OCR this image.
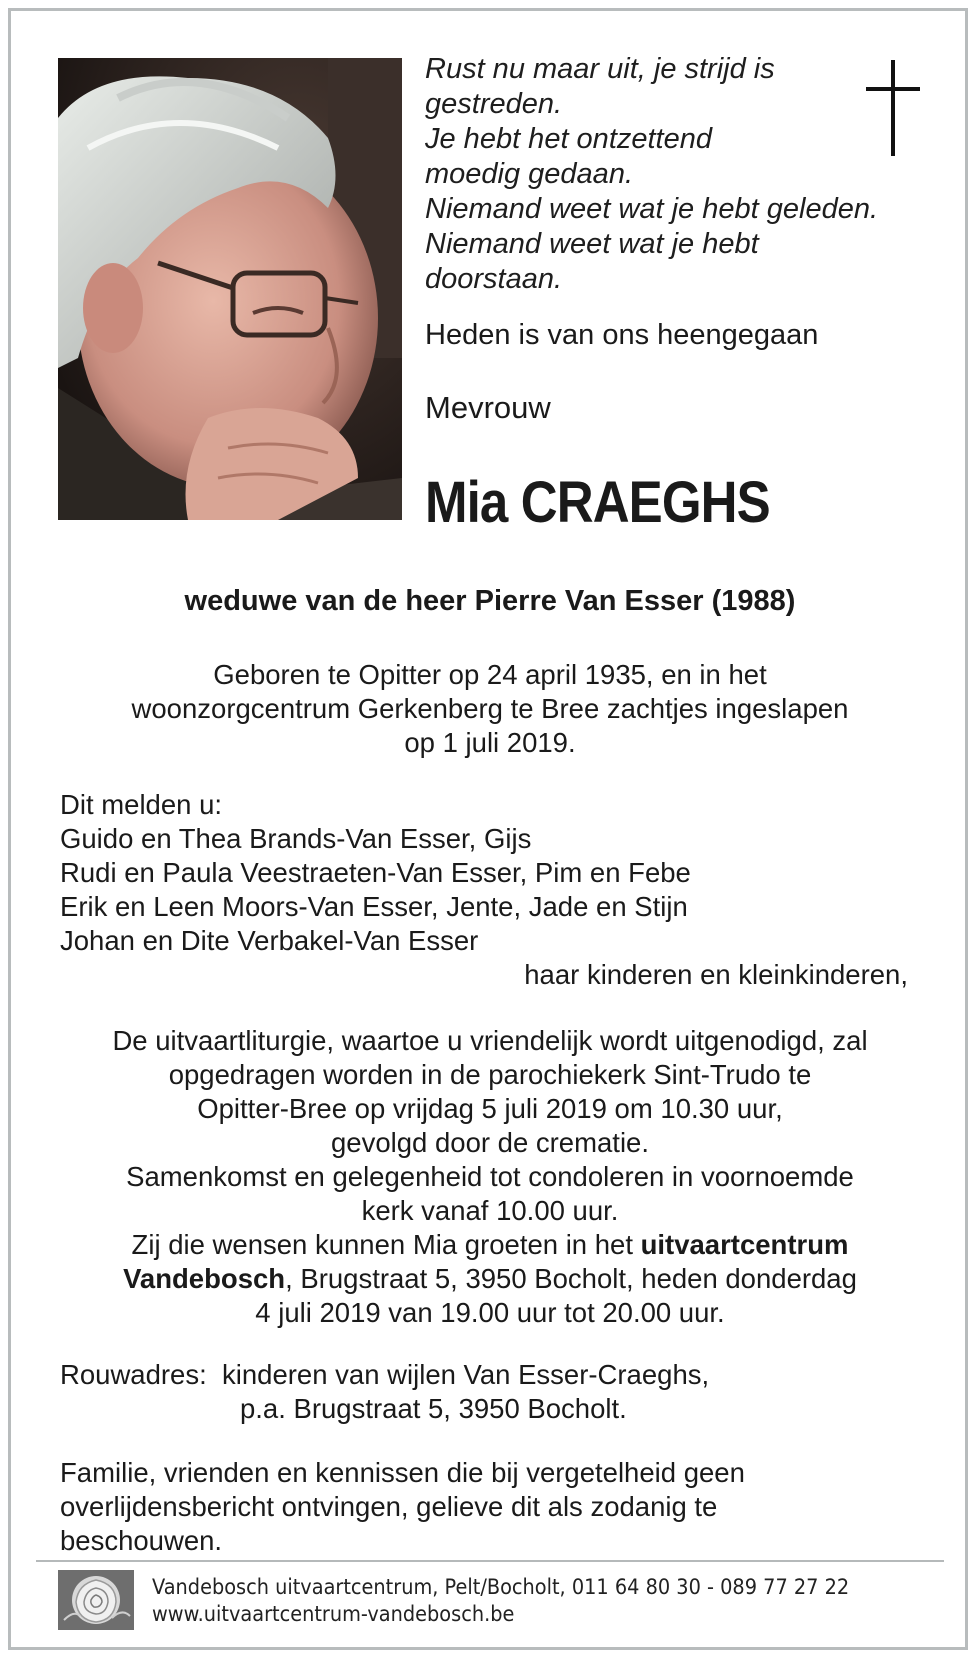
Rust nu maar uit, je strijd is
gestreden.
Je hebt het ontzettend
moedig gedaan.
Niemand weet wat je hebt geleden.
Niemand weet wat je hebt
doorstaan.
Heden is van ons heengegaan
Mevrouw
Mia CRAEGHS
weduwe van de heer Pierre Van Esser (1988)
Geboren te Opitter op 24 april 1935, en in het
woonzorgcentrum Gerkenberg te Bree zachtjes ingeslapen
op 1 juli 2019.
Dit melden u:
Guido en Thea Brands-Van Esser, Gijs
Rudi en Paula Veestraeten-Van Esser, Pim en Febe
Erik en Leen Moors-Van Esser, Jente, Jade en Stijn
Johan en Dite Verbakel-Van Esser
haar kinderen en kleinkinderen,
De uitvaartliturgie, waartoe u vriendelijk wordt uitgenodigd, zal
opgedragen worden in de parochiekerk Sint-Trudo te
Opitter-Bree op vrijdag 5 juli 2019 om 10.30 uur,
gevolgd door de crematie.
Samenkomst en gelegenheid tot condoleren in voornoemde
kerk vanaf 10.00 uur.
Zij die wensen kunnen Mia groeten in het uitvaartcentrum
Vandebosch, Brugstraat 5, 3950 Bocholt, heden donderdag
4 juli 2019 van 19.00 uur tot 20.00 uur.
Rouwadres: kinderen van wijlen Van Esser-Craeghs,
p.a. Brugstraat 5, 3950 Bocholt.
Familie, vrienden en kennissen die bij vergetelheid geen
overlijdensbericht ontvingen, gelieve dit als zodanig te
beschouwen.
Vandebosch uitvaartcentrum, Pelt/Bocholt, 011 64 80 30 - 089 77 27 22
www.uitvaartcentrum-vandebosch.be
